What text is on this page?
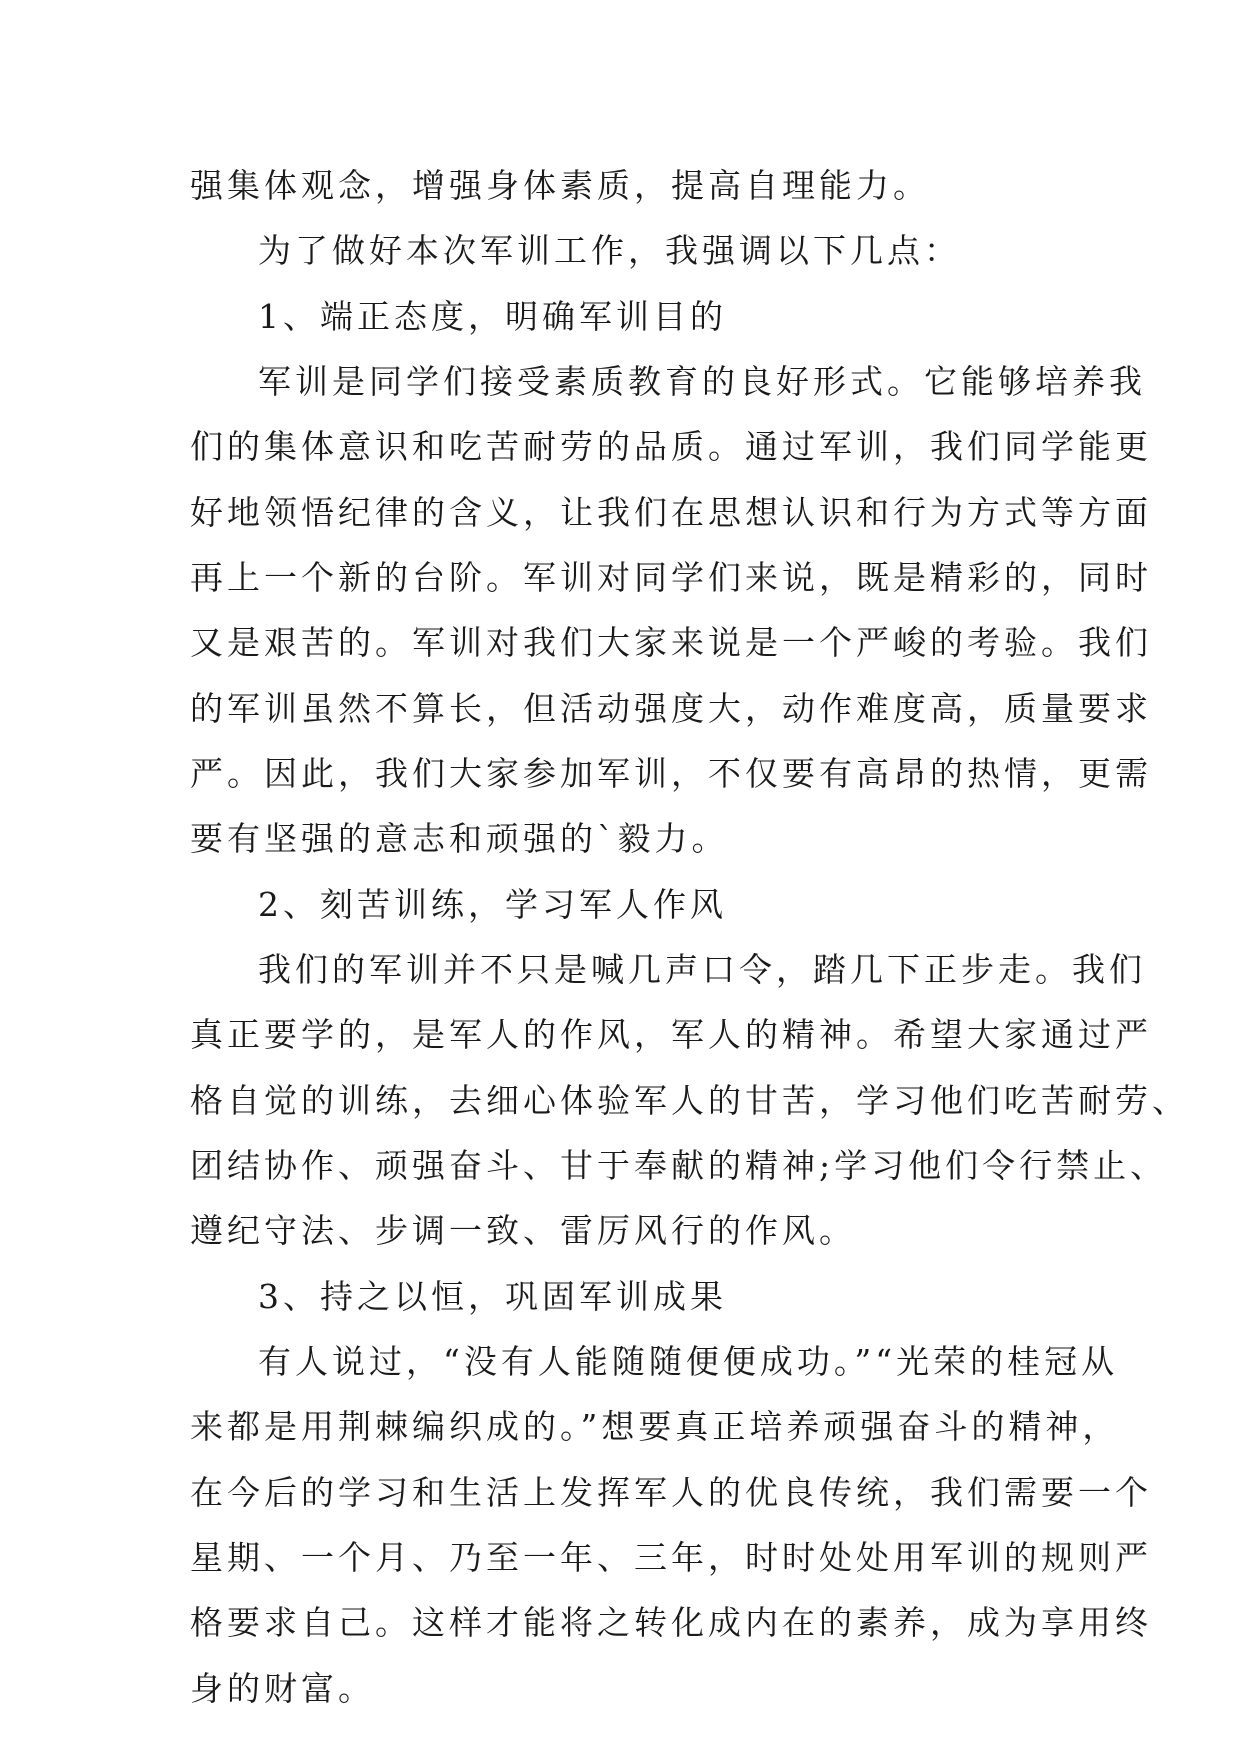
强集体观念，增强身体素质，提高自理能力。
为了做好本次军训工作，我强调以下几点：
1、端正态度，明确军训目的
军训是同学们接受素质教育的良好形式。它能够培养我
们的集体意识和吃苦耐劳的品质。通过军训，我们同学能更
好地领悟纪律的含义，让我们在思想认识和行为方式等方面
再上一个新的台阶。军训对同学们来说，既是精彩的，同时
又是艰苦的。军训对我们大家来说是一个严峻的考验。我们
的军训虽然不算长，但活动强度大，动作难度高，质量要求
严。因此，我们大家参加军训，不仅要有高昂的热情，更需
要有坚强的意志和顽强的`毅力。
2、刻苦训练，学习军人作风
我们的军训并不只是喊几声口令，踏几下正步走。我们
真正要学的，是军人的作风，军人的精神。希望大家通过严
格自觉的训练，去细心体验军人的甘苦，学习他们吃苦耐劳、
团结协作、顽强奋斗、甘于奉献的精神;学习他们令行禁止、
遵纪守法、步调一致、雷厉风行的作风。
3、持之以恒，巩固军训成果
有人说过，“没有人能随随便便成功。”“光荣的桂冠从
来都是用荆棘编织成的。”想要真正培养顽强奋斗的精神，
在今后的学习和生活上发挥军人的优良传统，我们需要一个
星期、一个月、乃至一年、三年，时时处处用军训的规则严
格要求自己。这样才能将之转化成内在的素养，成为享用终
身的财富。
